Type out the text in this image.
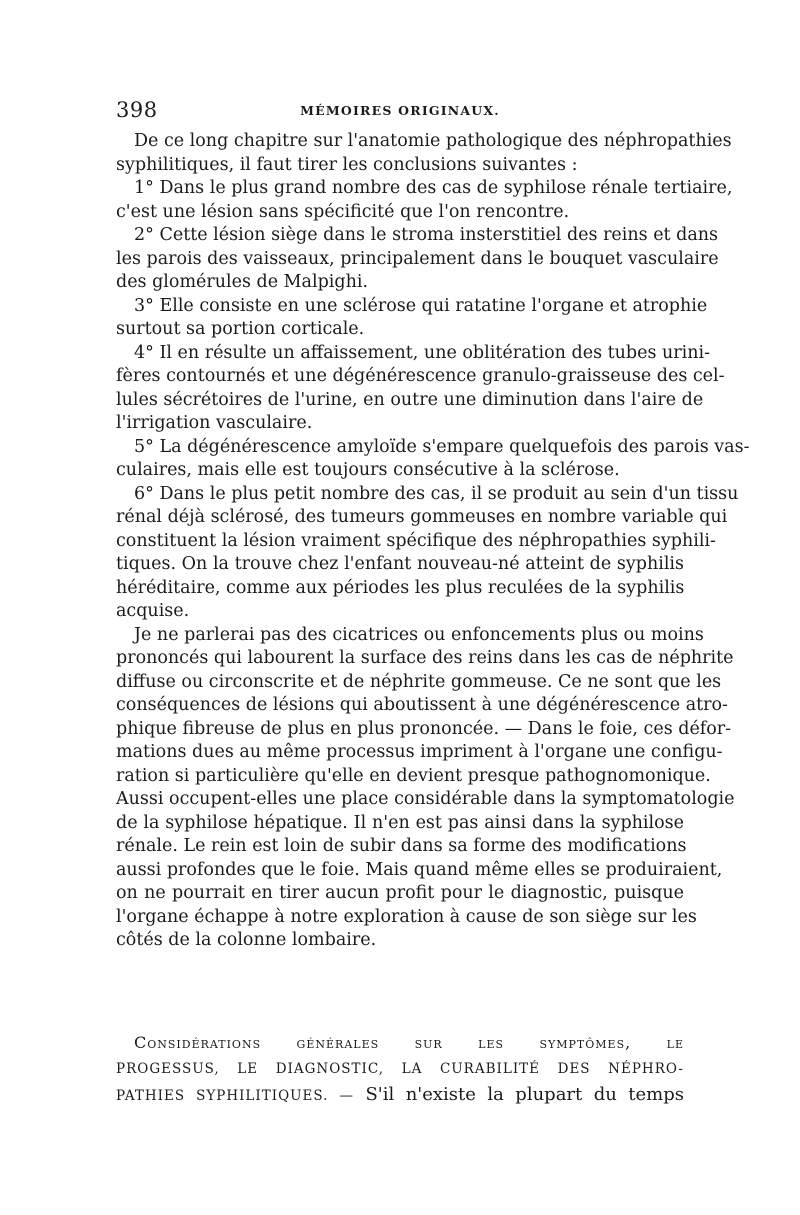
398	MÉMOIRES ORIGINAUX.
De ce long chapitre sur l'anatomie pathologique des néphropathies
syphilitiques, il faut tirer les conclusions suivantes :
1° Dans le plus grand nombre des cas de syphilose rénale tertiaire,
c'est une lésion sans spécificité que l'on rencontre.
2° Cette lésion siège dans le stroma insterstitiel des reins et dans
les parois des vaisseaux, principalement dans le bouquet vasculaire
des glomérules de Malpighi.
3° Elle consiste en une sclérose qui ratatine l'organe et atrophie
surtout sa portion corticale.
4° Il en résulte un affaissement, une oblitération des tubes urini-
fères contournés et une dégénérescence granulo-graisseuse des cel-
lules sécrétoires de l'urine, en outre une diminution dans l'aire de
l'irrigation vasculaire.
5° La dégénérescence amyloïde s'empare quelquefois des parois vas-
culaires, mais elle est toujours consécutive à la sclérose.
6° Dans le plus petit nombre des cas, il se produit au sein d'un tissu
rénal déjà sclérosé, des tumeurs gommeuses en nombre variable qui
constituent la lésion vraiment spécifique des néphropathies syphili-
tiques. On la trouve chez l'enfant nouveau-né atteint de syphilis
héréditaire, comme aux périodes les plus reculées de la syphilis
acquise.
Je ne parlerai pas des cicatrices ou enfoncements plus ou moins
prononcés qui labourent la surface des reins dans les cas de néphrite
diffuse ou circonscrite et de néphrite gommeuse. Ce ne sont que les
conséquences de lésions qui aboutissent à une dégénérescence atro-
phique fibreuse de plus en plus prononcée. — Dans le foie, ces défor-
mations dues au même processus impriment à l'organe une configu-
ration si particulière qu'elle en devient presque pathognomonique.
Aussi occupent-elles une place considérable dans la symptomatologie
de la syphilose hépatique. Il n'en est pas ainsi dans la syphilose
rénale. Le rein est loin de subir dans sa forme des modifications
aussi profondes que le foie. Mais quand même elles se produiraient,
on ne pourrait en tirer aucun profit pour le diagnostic, puisque
l'organe échappe à notre exploration à cause de son siège sur les
côtés de la colonne lombaire.
Considérations générales sur les symptômes, le
PROGESSUS, LE DIAGNOSTIC, LA CURABILITÉ DES NÉPHRO-
PATHIES SYPHILITIQUES. — S'il n'existe la plupart du temps
